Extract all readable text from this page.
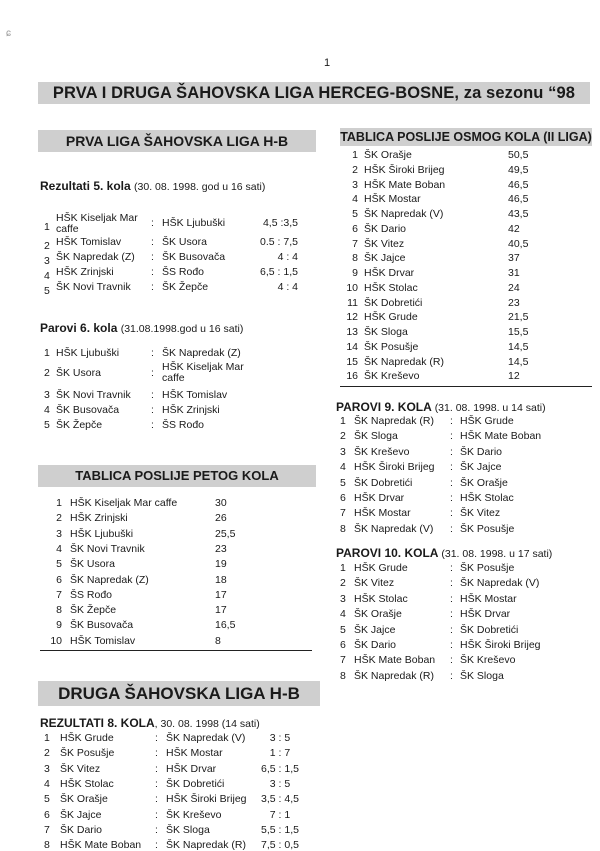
ɕ
1
PRVA I DRUGA ŠAHOVSKA LIGA HERCEG-BOSNE, za sezonu “98
PRVA LIGA ŠAHOVSKA LIGA H-B
Rezultati 5. kola (30. 08. 1998. god u 16 sati)
1
HŠK Kiseljak Mar caffe	: HŠK Ljubuški	4,5 :3,5
2 HŠK Tomislav	: ŠK Usora	0.5 : 7,5
3 ŠK Napredak (Z)	: ŠK Busovača	4 : 4
4 HŠK Zrinjski	: ŠS Rođo	6,5 : 1,5
5 ŠK Novi Travnik	: ŠK Žepče	4 : 4
Parovi 6. kola (31.08.1998.god u 16 sati)
1 HŠK Ljubuški	: ŠK Napredak (Z)
2 ŠK Usora	: HŠK Kiseljak Mar caffe
3 ŠK Novi Travnik : HŠK Tomislav
4 ŠK Busovača	: HŠK Zrinjski
5 ŠK Žepče	: ŠS Rođo
TABLICA POSLIJE PETOG KOLA
1 HŠK Kiseljak Mar caffe	30
2 HŠK Zrinjski	26
3 HŠK Ljubuški	25,5
4 ŠK Novi Travnik	23
5 ŠK Usora	19
6 ŠK Napredak (Z)	18
7 ŠS Rođo	17
8 ŠK Žepče	17
9 ŠK Busovača	16,5
10 HŠK Tomislav	8
DRUGA ŠAHOVSKA LIGA H-B
REZULTATI 8. KOLA, 30. 08. 1998 (14 sati)
1 HŠK Grude	: ŠK Napredak (V)	3 : 5
2 ŠK Posušje	: HŠK Mostar	1 : 7
3 ŠK Vitez	: HŠK Drvar	6,5 : 1,5
4 HŠK Stolac	: ŠK Dobretići	3 : 5
5 ŠK Orašje	: HŠK Široki Brijeg	3,5 : 4,5
6 ŠK Jajce	: ŠK Kreševo	7 : 1
7 ŠK Dario	: ŠK Sloga	5,5 : 1,5
8 HŠK Mate Boban : ŠK Napredak (R)	7,5 : 0,5
TABLICA POSLIJE OSMOG KOLA (II LIGA)
1 ŠK Orašje	50,5
2 HŠK Široki Brijeg	49,5
3 HŠK Mate Boban	46,5
4 HŠK Mostar	46,5
5 ŠK Napredak (V)	43,5
6 ŠK Dario	42
7 ŠK Vitez	40,5
8 ŠK Jajce	37
9 HŠK Drvar	31
10 HŠK Stolac	24
11 ŠK Dobretići	23
12 HŠK Grude	21,5
13 ŠK Sloga	15,5
14 ŠK Posušje	14,5
15 ŠK Napredak (R)	14,5
16 ŠK Kreševo	12
PAROVI 9. KOLA (31. 08. 1998. u 14 sati)
1 ŠK Napredak (R) : HŠK Grude
2 ŠK Sloga	: HŠK Mate Boban
3 ŠK Kreševo	: ŠK Dario
4 HŠK Široki Brijeg : ŠK Jajce
5 ŠK Dobretići	: ŠK Orašje
6 HŠK Drvar	: HŠK Stolac
7 HŠK Mostar	: ŠK Vitez
8 ŠK Napredak (V) : ŠK Posušje
PAROVI 10. KOLA (31. 08. 1998. u 17 sati)
1 HŠK Grude	: ŠK Posušje
2 ŠK Vitez	: ŠK Napredak (V)
3 HŠK Stolac	: HŠK Mostar
4 ŠK Orašje	: HŠK Drvar
5 ŠK Jajce	: ŠK Dobretići
6 ŠK Dario	: HŠK Široki Brijeg
7 HŠK Mate Boban : ŠK Kreševo
8 ŠK Napredak (R) : ŠK Sloga
